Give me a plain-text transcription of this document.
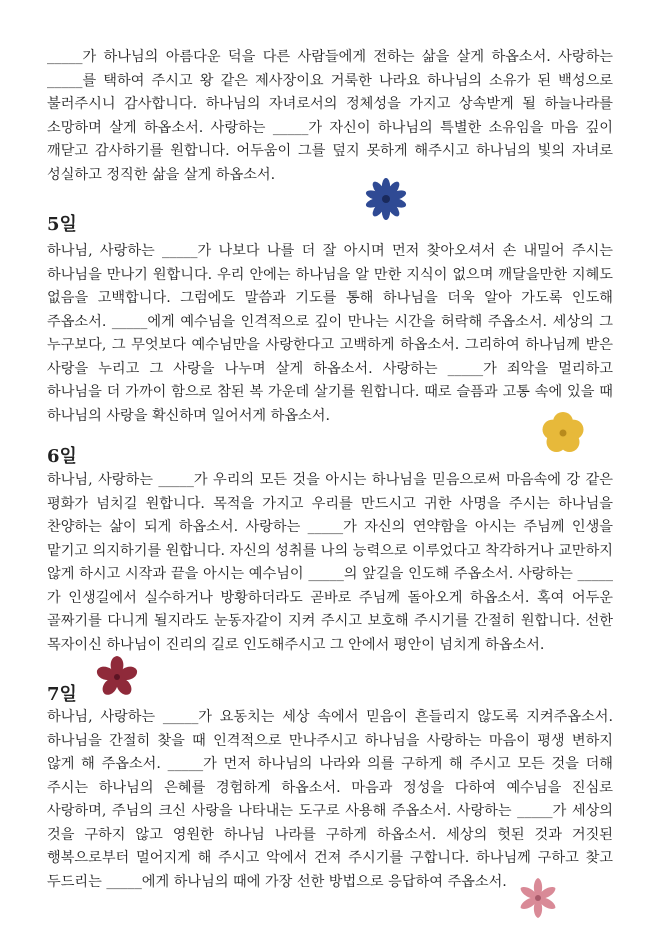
_____가 하나님의 아름다운 덕을 다른 사람들에게 전하는 삶을 살게 하옵소서. 사랑하는 _____를 택하여 주시고 왕 같은 제사장이요 거룩한 나라요 하나님의 소유가 된 백성으로 불러주시니 감사합니다. 하나님의 자녀로서의 정체성을 가지고 상속받게 될 하늘나라를 소망하며 살게 하옵소서. 사랑하는 _____가 자신이 하나님의 특별한 소유임을 마음 깊이 깨닫고 감사하기를 원합니다. 어두움이 그를 덮지 못하게 해주시고 하나님의 빛의 자녀로 성실하고 정직한 삶을 살게 하옵소서.

5일

하나님, 사랑하는 _____가 나보다 나를 더 잘 아시며 먼저 찾아오셔서 손 내밀어 주시는 하나님을 만나기 원합니다. 우리 안에는 하나님을 알 만한 지식이 없으며 깨달을만한 지혜도 없음을 고백합니다. 그럼에도 말씀과 기도를 통해 하나님을 더욱 알아 가도록 인도해 주옵소서. _____에게 예수님을 인격적으로 깊이 만나는 시간을 허락해 주옵소서. 세상의 그 누구보다, 그 무엇보다 예수님만을 사랑한다고 고백하게 하옵소서. 그리하여 하나님께 받은 사랑을 누리고 그 사랑을 나누며 살게 하옵소서. 사랑하는 _____가 죄악을 멀리하고 하나님을 더 가까이 함으로 참된 복 가운데 살기를 원합니다. 때로 슬픔과 고통 속에 있을 때 하나님의 사랑을 확신하며 일어서게 하옵소서.

6일

하나님, 사랑하는 _____가 우리의 모든 것을 아시는 하나님을 믿음으로써 마음속에 강 같은 평화가 넘치길 원합니다. 목적을 가지고 우리를 만드시고 귀한 사명을 주시는 하나님을 찬양하는 삶이 되게 하옵소서. 사랑하는 _____가 자신의 연약함을 아시는 주님께 인생을 맡기고 의지하기를 원합니다. 자신의 성취를 나의 능력으로 이루었다고 착각하거나 교만하지 않게 하시고 시작과 끝을 아시는 예수님이 _____의 앞길을 인도해 주옵소서. 사랑하는 _____가 인생길에서 실수하거나 방황하더라도 곧바로 주님께 돌아오게 하옵소서. 혹여 어두운 골짜기를 다니게 될지라도 눈동자같이 지켜 주시고 보호해 주시기를 간절히 원합니다. 선한 목자이신 하나님이 진리의 길로 인도해주시고 그 안에서 평안이 넘치게 하옵소서.

7일

하나님, 사랑하는 _____가 요동치는 세상 속에서 믿음이 흔들리지 않도록 지켜주옵소서. 하나님을 간절히 찾을 때 인격적으로 만나주시고 하나님을 사랑하는 마음이 평생 변하지 않게 해 주옵소서. _____가 먼저 하나님의 나라와 의를 구하게 해 주시고 모든 것을 더해 주시는 하나님의 은혜를 경험하게 하옵소서. 마음과 정성을 다하여 예수님을 진심로 사랑하며, 주님의 크신 사랑을 나타내는 도구로 사용해 주옵소서. 사랑하는 _____가 세상의 것을 구하지 않고 영원한 하나님 나라를 구하게 하옵소서. 세상의 헛된 것과 거짓된 행복으로부터 멀어지게 해 주시고 악에서 건져 주시기를 구합니다. 하나님께 구하고 찾고 두드리는 _____에게 하나님의 때에 가장 선한 방법으로 응답하여 주옵소서.
